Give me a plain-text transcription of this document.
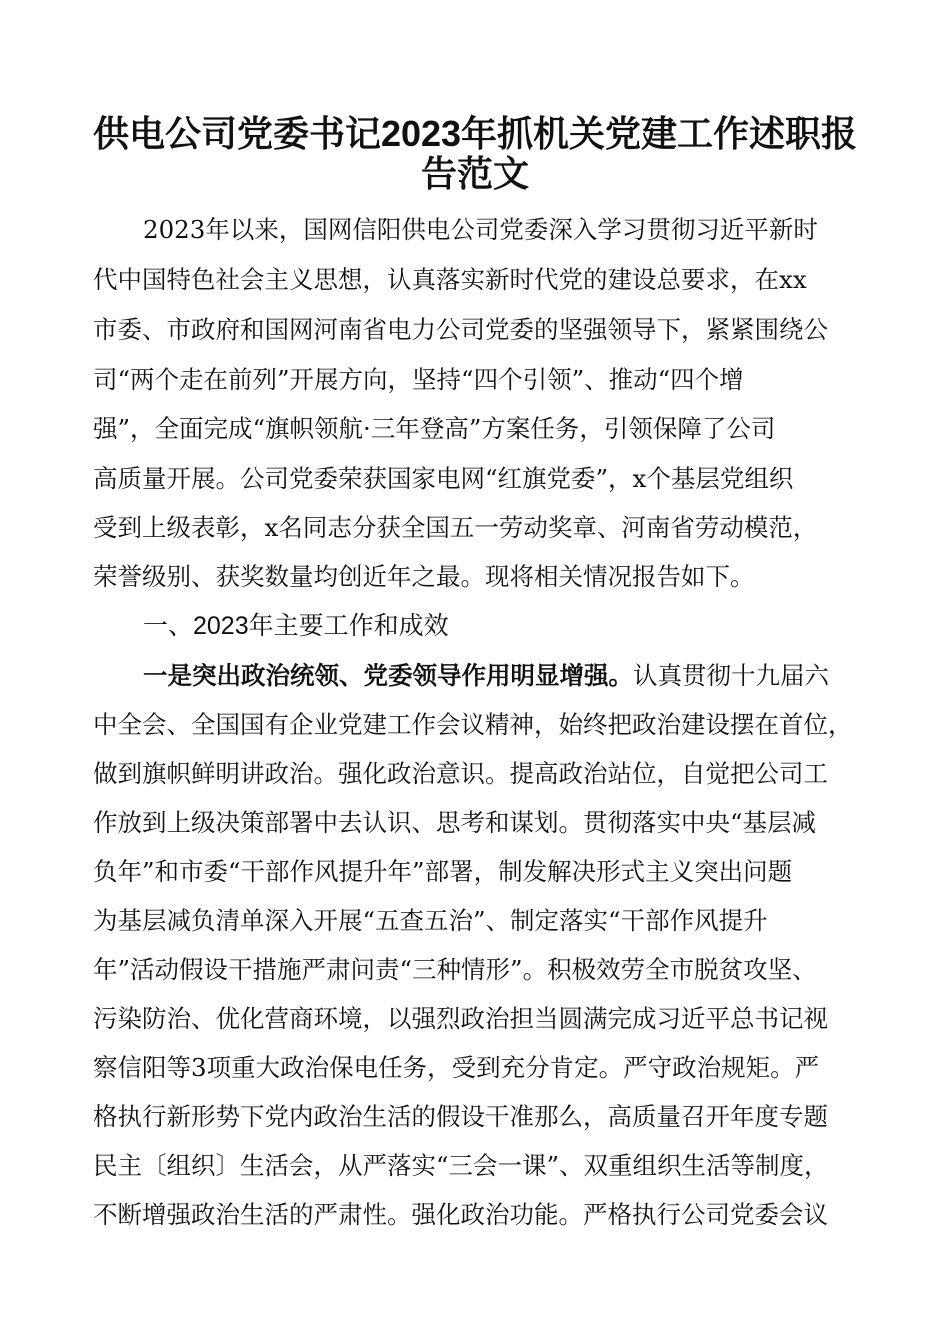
供电公司党委书记2023年抓机关党建工作述职报
告范文

2023年以来，国网信阳供电公司党委深入学习贯彻习近平新时

代中国特色社会主义思想，认真落实新时代党的建设总要求，在xx

市委、市政府和国网河南省电力公司党委的坚强领导下，紧紧围绕公

司“两个走在前列”开展方向，坚持“四个引领”、推动“四个增

强”，全面完成“旗帜领航·三年登高”方案任务，引领保障了公司

高质量开展。公司党委荣获国家电网“红旗党委”，x个基层党组织

受到上级表彰，x名同志分获全国五一劳动奖章、河南省劳动模范，

荣誉级别、获奖数量均创近年之最。现将相关情况报告如下。

一、2023年主要工作和成效

一是突出政治统领、党委领导作用明显增强。认真贯彻十九届六

中全会、全国国有企业党建工作会议精神，始终把政治建设摆在首位，

做到旗帜鲜明讲政治。强化政治意识。提高政治站位，自觉把公司工

作放到上级决策部署中去认识、思考和谋划。贯彻落实中央“基层减

负年”和市委“干部作风提升年”部署，制发解决形式主义突出问题

为基层减负清单深入开展“五查五治”、制定落实“干部作风提升

年”活动假设干措施严肃问责“三种情形”。积极效劳全市脱贫攻坚、

污染防治、优化营商环境，以强烈政治担当圆满完成习近平总书记视

察信阳等3项重大政治保电任务，受到充分肯定。严守政治规矩。严

格执行新形势下党内政治生活的假设干准那么，高质量召开年度专题

民主〔组织〕生活会，从严落实“三会一课”、双重组织生活等制度，

不断增强政治生活的严肃性。强化政治功能。严格执行公司党委会议
